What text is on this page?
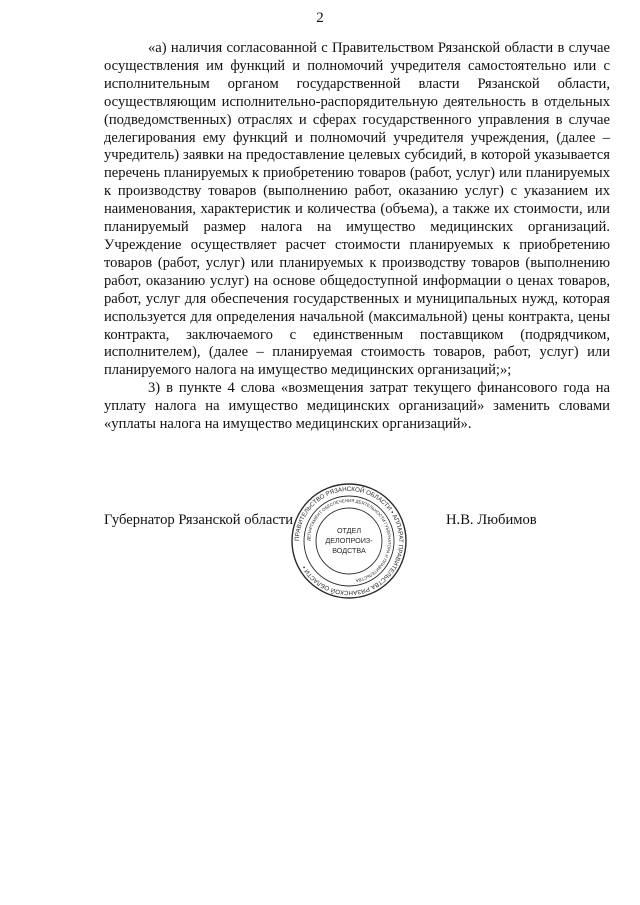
2

«а) наличия согласованной с Правительством Рязанской области в случае осуществления им функций и полномочий учредителя самостоятельно или с исполнительным органом государственной власти Рязанской области, осуществляющим исполнительно-распорядительную деятельность в отдельных (подведомственных) отраслях и сферах государственного управления в случае делегирования ему функций и полномочий учредителя учреждения, (далее – учредитель) заявки на предоставление целевых субсидий, в которой указывается перечень планируемых к приобретению товаров (работ, услуг) или планируемых к производству товаров (выполнению работ, оказанию услуг) с указанием их наименования, характеристик и количества (объема), а также их стоимости, или планируемый размер налога на имущество медицинских организаций. Учреждение осуществляет расчет стоимости планируемых к приобретению товаров (работ, услуг) или планируемых к производству товаров (выполнению работ, оказанию услуг) на основе общедоступной информации о ценах товаров, работ, услуг для обеспечения государственных и муниципальных нужд, которая используется для определения начальной (максимальной) цены контракта, цены контракта, заключаемого с единственным поставщиком (подрядчиком, исполнителем), (далее – планируемая стоимость товаров, работ, услуг) или планируемого налога на имущество медицинских организаций;»;

3) в пункте 4 слова «возмещения затрат текущего финансового года на уплату налога на имущество медицинских организаций» заменить словами «уплаты налога на имущество медицинских организаций».

Губернатор Рязанской области	Н.В. Любимов
ПРАВИТЕЛЬСТВО РЯЗАНСКОЙ ОБЛАСТИ • АППАРАТ ПРАВИТЕЛЬСТВА РЯЗАНСКОЙ ОБЛАСТИ •
ДЕПАРТАМЕНТ ОБЕСПЕЧЕНИЯ ДЕЯТЕЛЬНОСТИ ГУБЕРНАТОРА И ПРАВИТЕЛЬСТВА
ОТДЕЛ
ДЕЛОПРОИЗ-
ВОДСТВА
